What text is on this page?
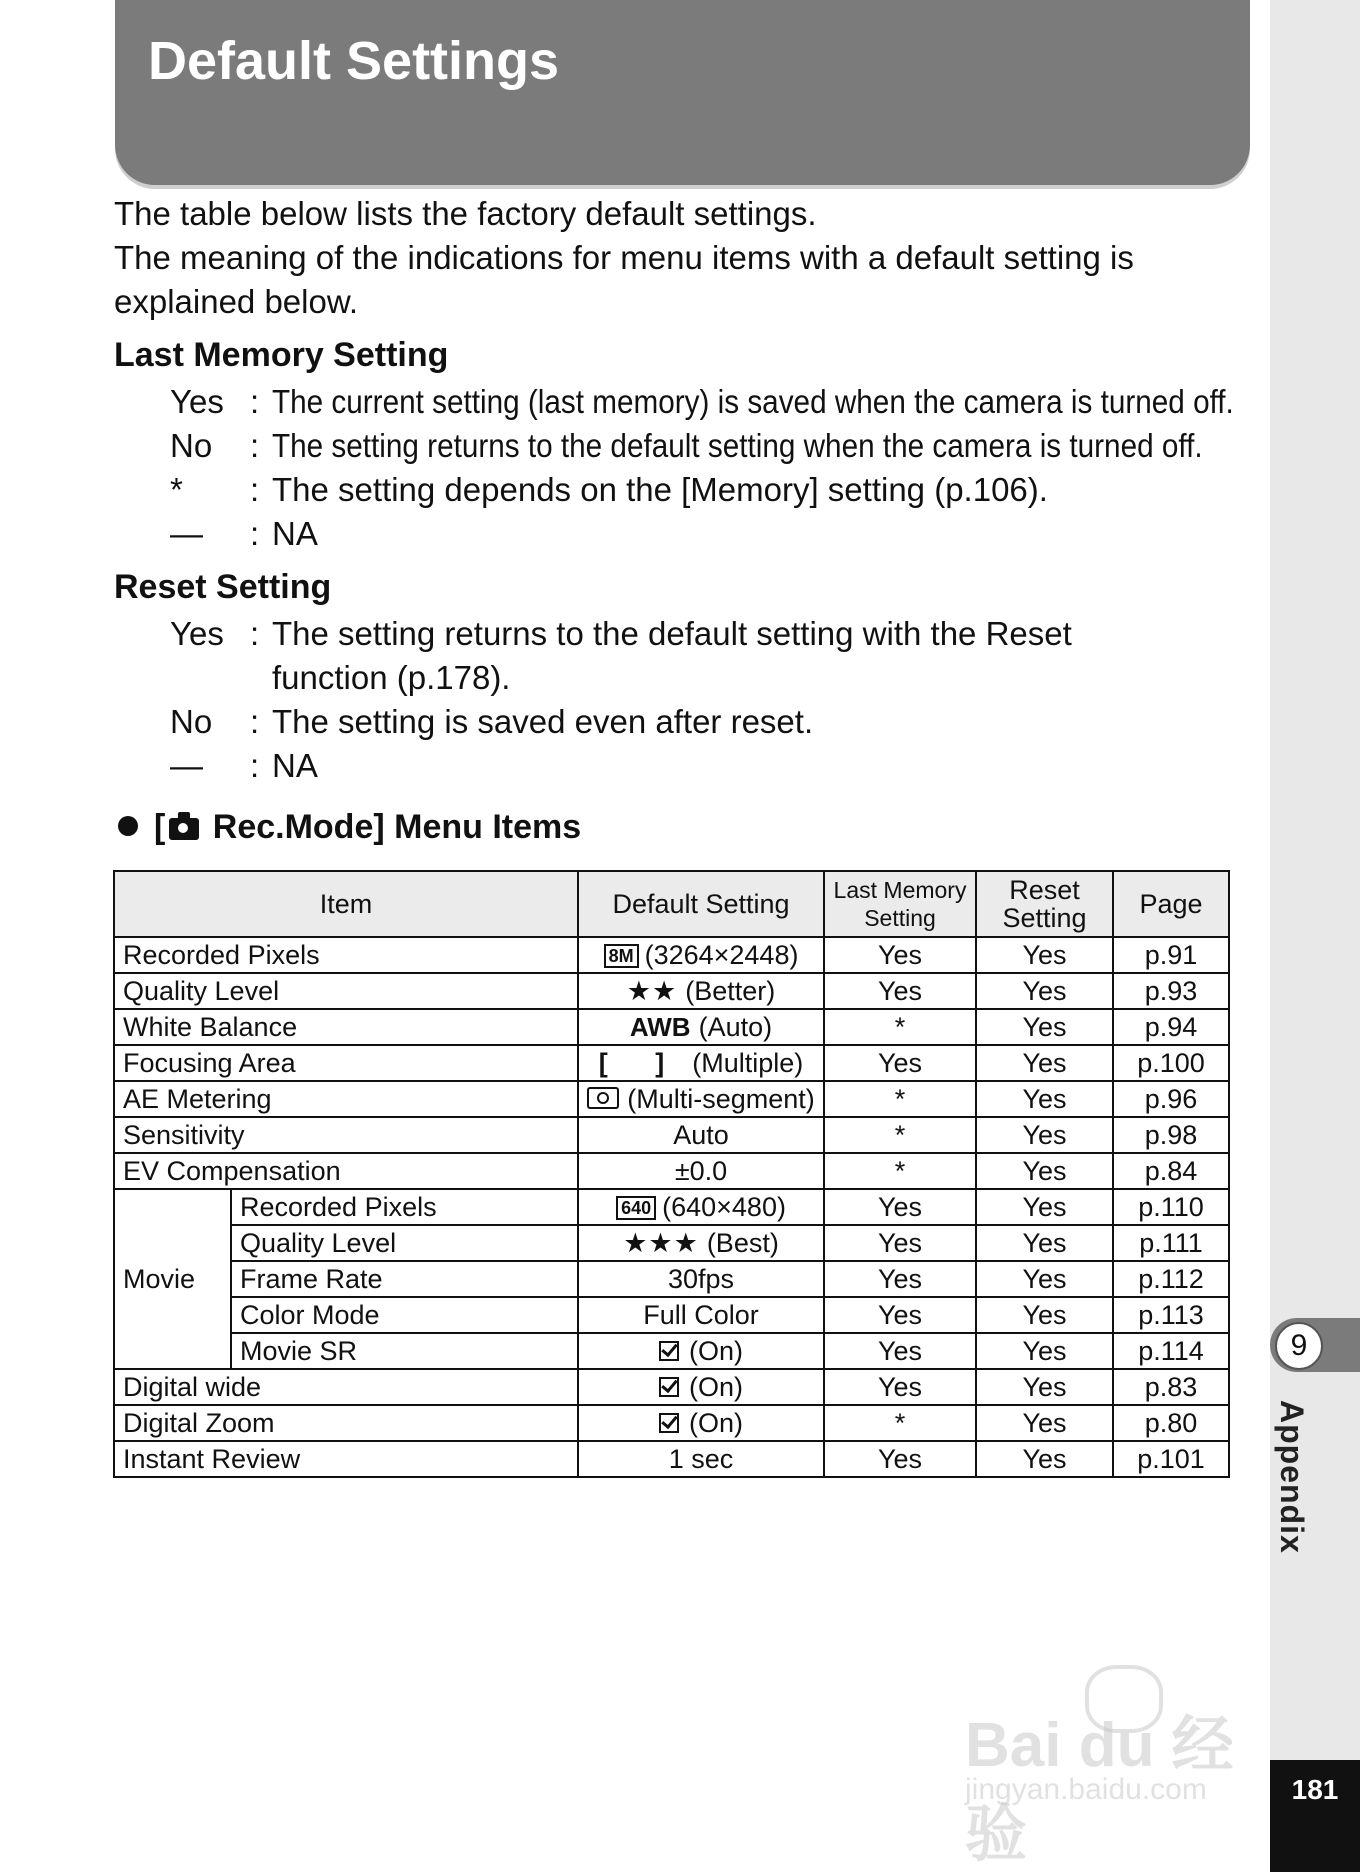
9
Appendix
181
Bai du 经验
jingyan.baidu.com
Default Settings
The table below lists the factory default settings.
The meaning of the indications for menu items with a default setting is explained below.
Last Memory Setting
Yes : The current setting (last memory) is saved when the camera is turned off.
No : The setting returns to the default setting when the camera is turned off.
* : The setting depends on the [Memory] setting (p.106).
— : NA
Reset Setting
Yes : The setting returns to the default setting with the Reset
function (p.178).
No : The setting is saved even after reset.
— : NA
[ Rec.Mode] Menu Items
Item		Default Setting	Last Memory Setting	Reset Setting	Page
Recorded Pixels		8M (3264×2448)	Yes	Yes	p.91
Quality Level		★★ (Better)	Yes	Yes	p.93
White Balance		AWB (Auto)	*	Yes	p.94
Focusing Area		[ ] (Multiple)	Yes	Yes	p.100
AE Metering		(Multi-segment)	*	Yes	p.96
Sensitivity		Auto	*	Yes	p.98
EV Compensation		±0.0	*	Yes	p.84
Movie	Recorded Pixels	640 (640×480)	Yes	Yes	p.110
	Quality Level	★★★ (Best)	Yes	Yes	p.111
	Frame Rate	30fps	Yes	Yes	p.112
	Color Mode	Full Color	Yes	Yes	p.113
	Movie SR	(On)	Yes	Yes	p.114
Digital wide		(On)	Yes	Yes	p.83
Digital Zoom		(On)	*	Yes	p.80
Instant Review		1 sec	Yes	Yes	p.101
